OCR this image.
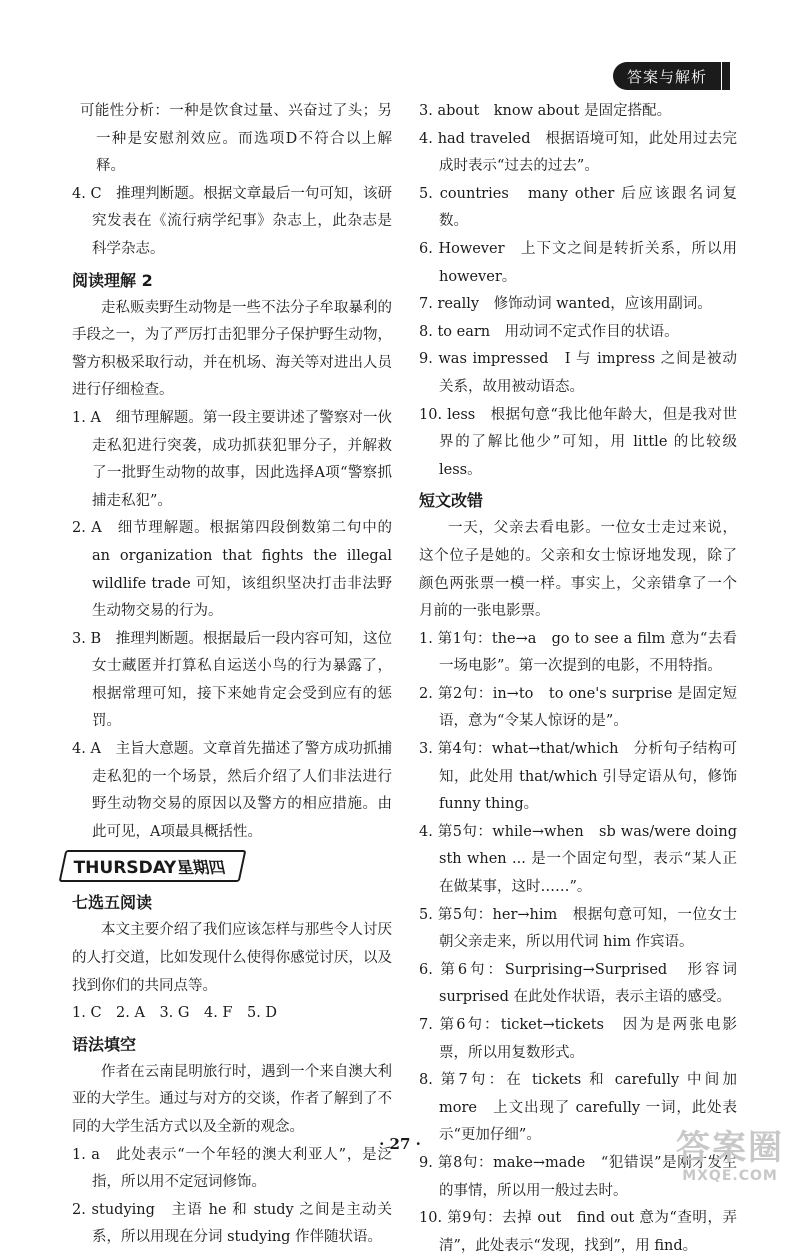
答案与解析

可能性分析：一种是饮食过量、兴奋过了头；另一种是安慰剂效应。而选项D不符合以上解释。

4. C　推理判断题。根据文章最后一句可知，该研究发表在《流行病学纪事》杂志上，此杂志是科学杂志。

阅读理解 2

走私贩卖野生动物是一些不法分子牟取暴利的手段之一，为了严厉打击犯罪分子保护野生动物，警方积极采取行动，并在机场、海关等对进出人员进行仔细检查。

1. A　细节理解题。第一段主要讲述了警察对一伙走私犯进行突袭，成功抓获犯罪分子，并解救了一批野生动物的故事，因此选择A项“警察抓捕走私犯”。

2. A　细节理解题。根据第四段倒数第二句中的 an organization that fights the illegal wildlife trade 可知，该组织坚决打击非法野生动物交易的行为。

3. B　推理判断题。根据最后一段内容可知，这位女士藏匿并打算私自运送小鸟的行为暴露了，根据常理可知，接下来她肯定会受到应有的惩罚。

4. A　主旨大意题。文章首先描述了警方成功抓捕走私犯的一个场景，然后介绍了人们非法进行野生动物交易的原因以及警方的相应措施。由此可见，A项最具概括性。

THURSDAY星期四
七选五阅读

本文主要介绍了我们应该怎样与那些令人讨厌的人打交道，比如发现什么使得你感觉讨厌，以及找到你们的共同点等。

1. C　2. A　3. G　4. F　5. D

语法填空

作者在云南昆明旅行时，遇到一个来自澳大利亚的大学生。通过与对方的交谈，作者了解到了不同的大学生活方式以及全新的观念。

1. a　此处表示“一个年轻的澳大利亚人”，是泛指，所以用不定冠词修饰。

2. studying　主语 he 和 study 之间是主动关系，所以用现在分词 studying 作伴随状语。

3. about　know about 是固定搭配。

4. had traveled　根据语境可知，此处用过去完成时表示“过去的过去”。

5. countries　many other 后应该跟名词复数。

6. However　上下文之间是转折关系，所以用 however。

7. really　修饰动词 wanted，应该用副词。

8. to earn　用动词不定式作目的状语。

9. was impressed　I 与 impress 之间是被动关系，故用被动语态。

10. less　根据句意“我比他年龄大，但是我对世界的了解比他少”可知，用 little 的比较级 less。

短文改错

一天，父亲去看电影。一位女士走过来说，这个位子是她的。父亲和女士惊讶地发现，除了颜色两张票一模一样。事实上，父亲错拿了一个月前的一张电影票。

1. 第1句：the→a　go to see a film 意为“去看一场电影”。第一次提到的电影，不用特指。

2. 第2句：in→to　to one's surprise 是固定短语，意为“令某人惊讶的是”。

3. 第4句：what→that/which　分析句子结构可知，此处用 that/which 引导定语从句，修饰 funny thing。

4. 第5句：while→when　sb was/were doing sth when ... 是一个固定句型，表示“某人正在做某事，这时……”。

5. 第5句：her→him　根据句意可知，一位女士朝父亲走来，所以用代词 him 作宾语。

6. 第6句：Surprising→Surprised　形容词 surprised 在此处作状语，表示主语的感受。

7. 第6句：ticket→tickets　因为是两张电影票，所以用复数形式。

8. 第7句：在 tickets 和 carefully 中间加 more　上文出现了 carefully 一词，此处表示“更加仔细”。

9. 第8句：make→made　“犯错误”是刚才发生的事情，所以用一般过去时。

10. 第9句：去掉 out　find out 意为“查明，弄清”，此处表示“发现，找到”，用 find。

· 27 ·	答案圈
MXQE.COM
